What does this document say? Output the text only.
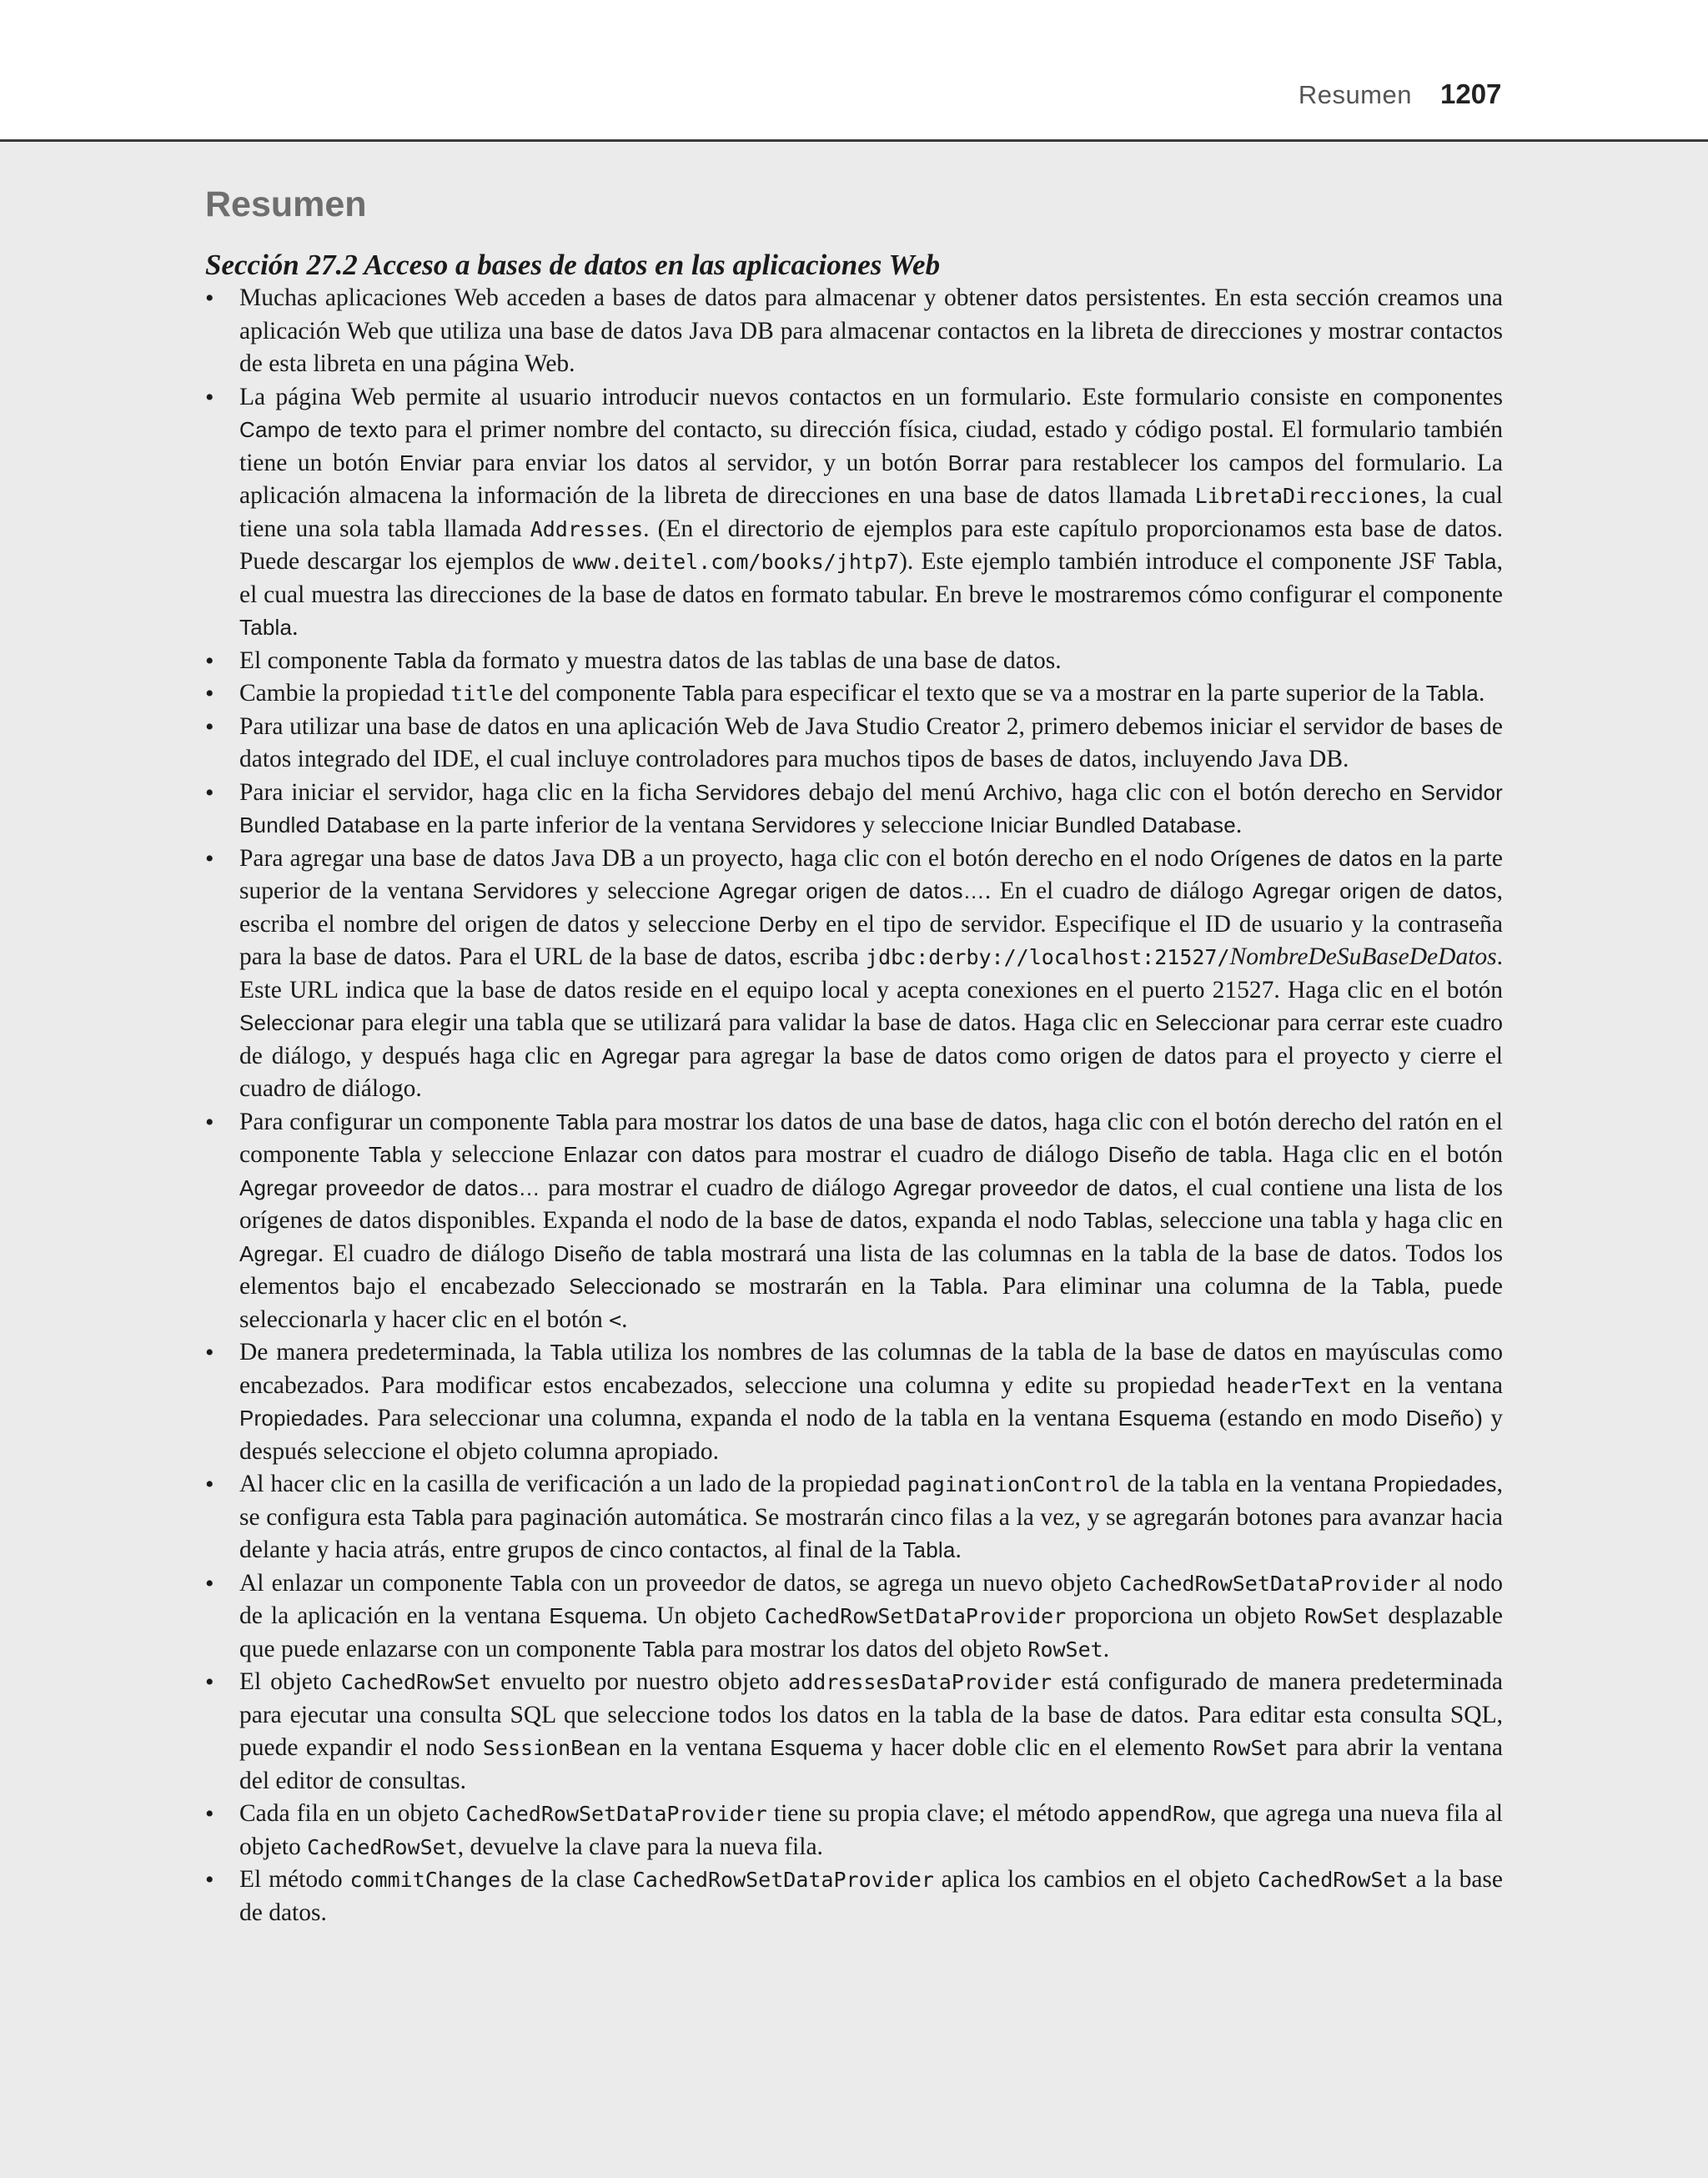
Resumen 1207
Resumen
Sección 27.2 Acceso a bases de datos en las aplicaciones Web
• Muchas aplicaciones Web acceden a bases de datos para almacenar y obtener datos persistentes. En esta sección creamos una aplicación Web que utiliza una base de datos Java DB para almacenar contactos en la libreta de direcciones y mostrar contactos de esta libreta en una página Web.
• La página Web permite al usuario introducir nuevos contactos en un formulario. Este formulario consiste en componentes Campo de texto para el primer nombre del contacto, su dirección física, ciudad, estado y código postal. El formulario también tiene un botón Enviar para enviar los datos al servidor, y un botón Borrar para restablecer los campos del formulario. La aplicación almacena la información de la libreta de direcciones en una base de datos llamada LibretaDirecciones, la cual tiene una sola tabla llamada Addresses. (En el directorio de ejemplos para este capítulo proporcionamos esta base de datos. Puede descargar los ejemplos de www.deitel.com/books/jhtp7). Este ejemplo también introduce el componente JSF Tabla, el cual muestra las direcciones de la base de datos en formato tabular. En breve le mostraremos cómo configurar el componente Tabla.
• El componente Tabla da formato y muestra datos de las tablas de una base de datos.
• Cambie la propiedad title del componente Tabla para especificar el texto que se va a mostrar en la parte superior de la Tabla.
• Para utilizar una base de datos en una aplicación Web de Java Studio Creator 2, primero debemos iniciar el servidor de bases de datos integrado del IDE, el cual incluye controladores para muchos tipos de bases de datos, incluyendo Java DB.
• Para iniciar el servidor, haga clic en la ficha Servidores debajo del menú Archivo, haga clic con el botón derecho en Servidor Bundled Database en la parte inferior de la ventana Servidores y seleccione Iniciar Bundled Database.
• Para agregar una base de datos Java DB a un proyecto, haga clic con el botón derecho en el nodo Orígenes de datos en la parte superior de la ventana Servidores y seleccione Agregar origen de datos…. En el cuadro de diálogo Agregar origen de datos, escriba el nombre del origen de datos y seleccione Derby en el tipo de servidor. Especifique el ID de usuario y la contraseña para la base de datos. Para el URL de la base de datos, escriba jdbc:derby://localhost:21527/NombreDeSuBaseDeDatos. Este URL indica que la base de datos reside en el equipo local y acepta conexiones en el puerto 21527. Haga clic en el botón Seleccionar para elegir una tabla que se utilizará para validar la base de datos. Haga clic en Seleccionar para cerrar este cuadro de diálogo, y después haga clic en Agregar para agregar la base de datos como origen de datos para el proyecto y cierre el cuadro de diálogo.
• Para configurar un componente Tabla para mostrar los datos de una base de datos, haga clic con el botón derecho del ratón en el componente Tabla y seleccione Enlazar con datos para mostrar el cuadro de diálogo Diseño de tabla. Haga clic en el botón Agregar proveedor de datos… para mostrar el cuadro de diálogo Agregar proveedor de datos, el cual contiene una lista de los orígenes de datos disponibles. Expanda el nodo de la base de datos, expanda el nodo Tablas, seleccione una tabla y haga clic en Agregar. El cuadro de diálogo Diseño de tabla mostrará una lista de las columnas en la tabla de la base de datos. Todos los elementos bajo el encabezado Seleccionado se mostrarán en la Tabla. Para eliminar una columna de la Tabla, puede seleccionarla y hacer clic en el botón <.
• De manera predeterminada, la Tabla utiliza los nombres de las columnas de la tabla de la base de datos en mayúsculas como encabezados. Para modificar estos encabezados, seleccione una columna y edite su propiedad headerText en la ventana Propiedades. Para seleccionar una columna, expanda el nodo de la tabla en la ventana Esquema (estando en modo Diseño) y después seleccione el objeto columna apropiado.
• Al hacer clic en la casilla de verificación a un lado de la propiedad paginationControl de la tabla en la ventana Propiedades, se configura esta Tabla para paginación automática. Se mostrarán cinco filas a la vez, y se agregarán botones para avanzar hacia delante y hacia atrás, entre grupos de cinco contactos, al final de la Tabla.
• Al enlazar un componente Tabla con un proveedor de datos, se agrega un nuevo objeto CachedRowSetDataProvider al nodo de la aplicación en la ventana Esquema. Un objeto CachedRowSetDataProvider proporciona un objeto RowSet desplazable que puede enlazarse con un componente Tabla para mostrar los datos del objeto RowSet.
• El objeto CachedRowSet envuelto por nuestro objeto addressesDataProvider está configurado de manera predeterminada para ejecutar una consulta SQL que seleccione todos los datos en la tabla de la base de datos. Para editar esta consulta SQL, puede expandir el nodo SessionBean en la ventana Esquema y hacer doble clic en el elemento RowSet para abrir la ventana del editor de consultas.
• Cada fila en un objeto CachedRowSetDataProvider tiene su propia clave; el método appendRow, que agrega una nueva fila al objeto CachedRowSet, devuelve la clave para la nueva fila.
• El método commitChanges de la clase CachedRowSetDataProvider aplica los cambios en el objeto CachedRowSet a la base de datos.
